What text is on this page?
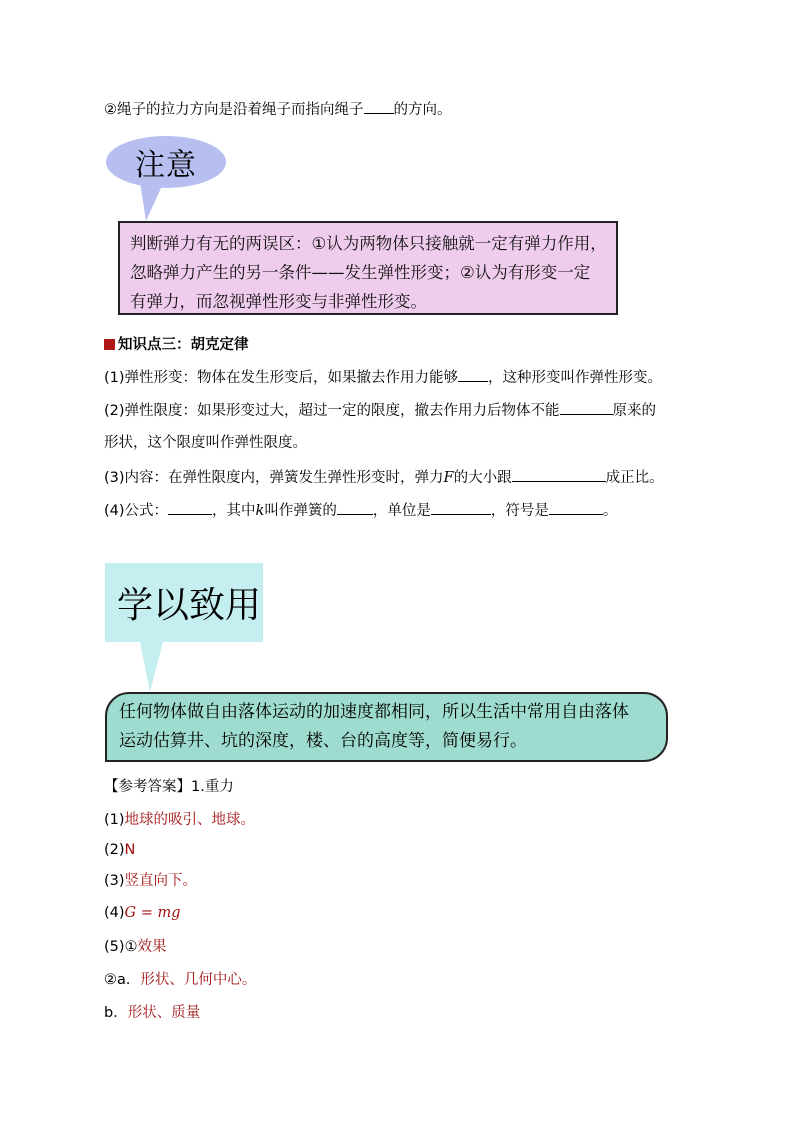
②绳子的拉力方向是沿着绳子而指向绳子 的方向。
注意
判断弹力有无的两误区：①认为两物体只接触就一定有弹力作用，
忽略弹力产生的另一条件——发生弹性形变；②认为有形变一定
有弹力，而忽视弹性形变与非弹性形变。
知识点三：胡克定律
(1)弹性形变：物体在发生形变后，如果撤去作用力能够 ，这种形变叫作弹性形变。
(2)弹性限度：如果形变过大，超过一定的限度，撤去作用力后物体不能	原来的
形状，这个限度叫作弹性限度。
(3)内容：在弹性限度内，弹簧发生弹性形变时，弹力F的大小跟	成正比。
(4)公式：	，其中k叫作弹簧的 ，单位是	，符号是	。
学以致用
任何物体做自由落体运动的加速度都相同，所以生活中常用自由落体
运动估算井、坑的深度，楼、台的高度等，简便易行。
【参考答案】1.重力
(1)地球的吸引、地球。
(2)N
(3)竖直向下。
(4)G = mg
(5)①效果
②a．形状、几何中心。
b．形状、质量
